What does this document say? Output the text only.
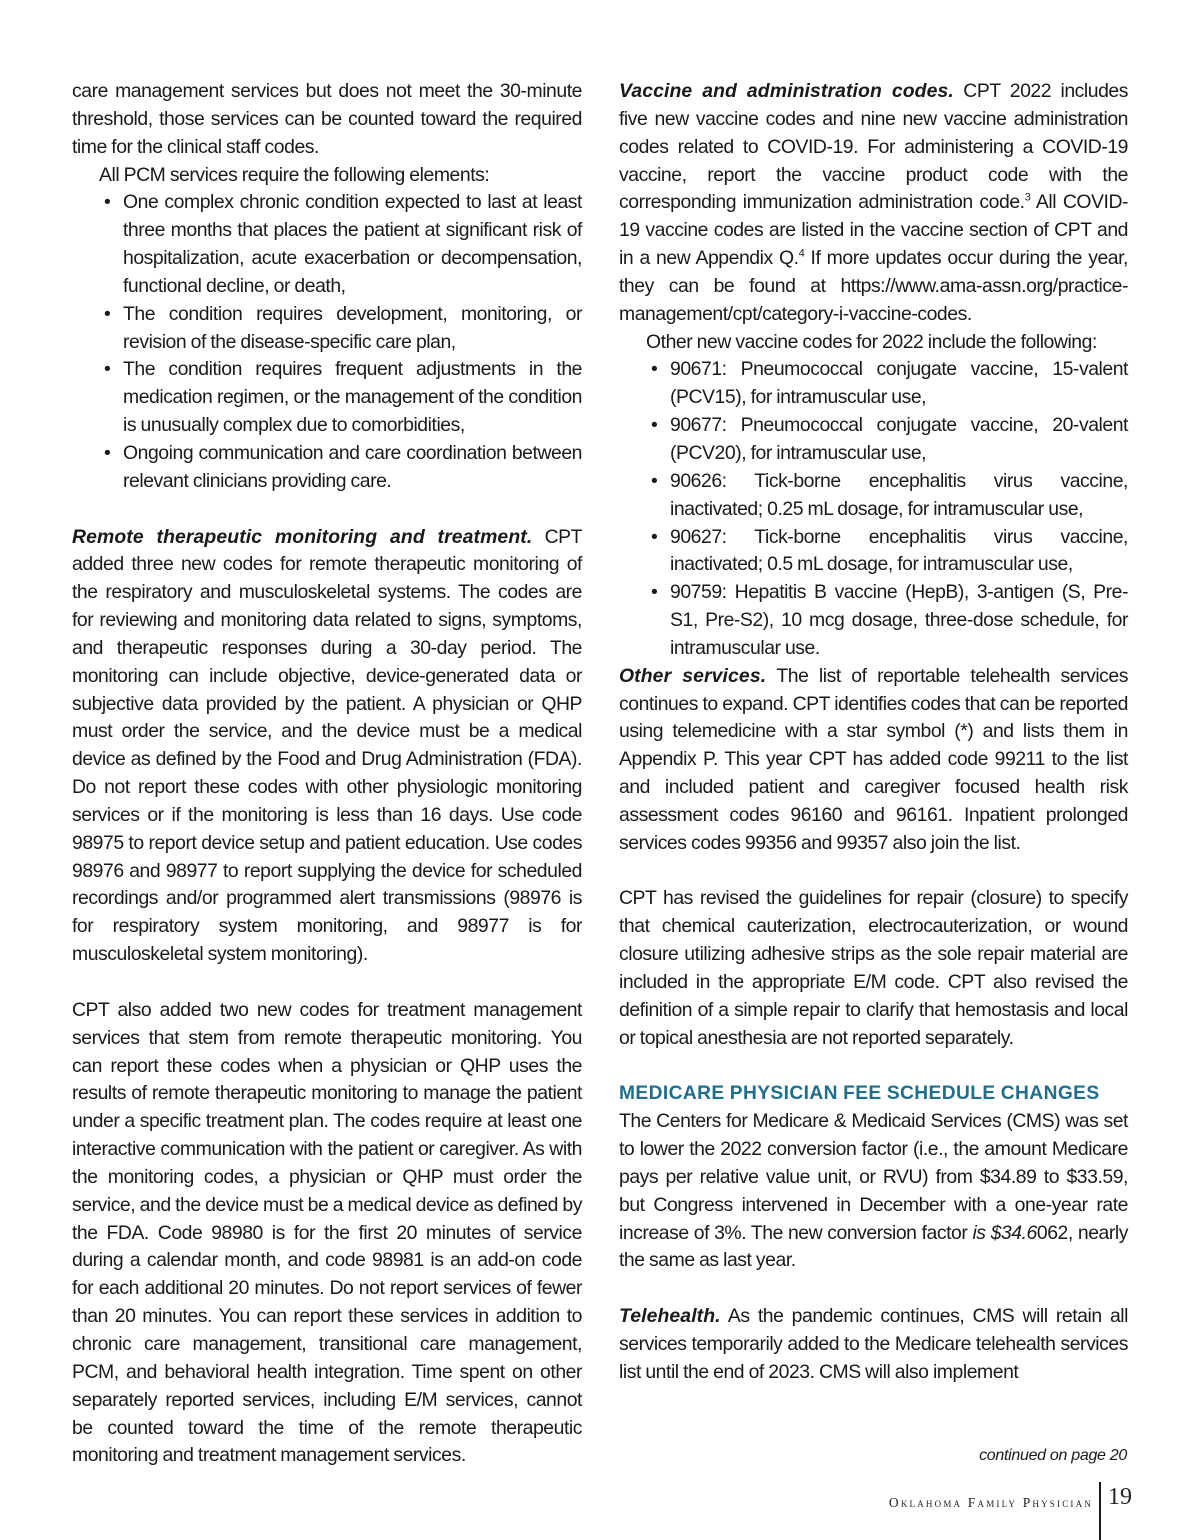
care management services but does not meet the 30-minute threshold, those services can be counted toward the required time for the clinical staff codes.

All PCM services require the following elements:

• One complex chronic condition expected to last at least three months that places the patient at significant risk of hospitalization, acute exacerbation or decompensation, functional decline, or death,
• The condition requires development, monitoring, or revision of the disease-specific care plan,
• The condition requires frequent adjustments in the medication regimen, or the management of the condition is unusually complex due to comorbidities,
• Ongoing communication and care coordination between relevant clinicians providing care.

Remote therapeutic monitoring and treatment. CPT added three new codes for remote therapeutic monitoring of the respiratory and musculoskeletal systems. The codes are for reviewing and monitoring data related to signs, symptoms, and therapeutic responses during a 30-day period. The monitoring can include objective, device-generated data or subjective data provided by the patient. A physician or QHP must order the service, and the device must be a medical device as defined by the Food and Drug Administration (FDA). Do not report these codes with other physiologic monitoring services or if the monitoring is less than 16 days. Use code 98975 to report device setup and patient education. Use codes 98976 and 98977 to report supplying the device for scheduled recordings and/or programmed alert transmissions (98976 is for respiratory system monitoring, and 98977 is for musculoskeletal system monitoring).

CPT also added two new codes for treatment management services that stem from remote therapeutic monitoring. You can report these codes when a physician or QHP uses the results of remote therapeutic monitoring to manage the patient under a specific treatment plan. The codes require at least one interactive communication with the patient or caregiver. As with the monitoring codes, a physician or QHP must order the service, and the device must be a medical device as defined by the FDA. Code 98980 is for the first 20 minutes of service during a calendar month, and code 98981 is an add-on code for each additional 20 minutes. Do not report services of fewer than 20 minutes. You can report these services in addition to chronic care management, transitional care management, PCM, and behavioral health integration. Time spent on other separately reported services, including E/M services, cannot be counted toward the time of the remote therapeutic monitoring and treatment management services.

Vaccine and administration codes. CPT 2022 includes five new vaccine codes and nine new vaccine administration codes related to COVID-19. For administering a COVID-19 vaccine, report the vaccine product code with the corresponding immunization administration code.$^3$ All COVID-19 vaccine codes are listed in the vaccine section of CPT and in a new Appendix Q.$^4$ If more updates occur during the year, they can be found at https://www.ama-assn.org/practice-management/cpt/category-i-vaccine-codes.

Other new vaccine codes for 2022 include the following:

• 90671: Pneumococcal conjugate vaccine, 15-valent (PCV15), for intramuscular use,
• 90677: Pneumococcal conjugate vaccine, 20-valent (PCV20), for intramuscular use,
• 90626: Tick-borne encephalitis virus vaccine, inactivated; 0.25 mL dosage, for intramuscular use,
• 90627: Tick-borne encephalitis virus vaccine, inactivated; 0.5 mL dosage, for intramuscular use,
• 90759: Hepatitis B vaccine (HepB), 3-antigen (S, Pre-S1, Pre-S2), 10 mcg dosage, three-dose schedule, for intramuscular use.

Other services. The list of reportable telehealth services continues to expand. CPT identifies codes that can be reported using telemedicine with a star symbol (*) and lists them in Appendix P. This year CPT has added code 99211 to the list and included patient and caregiver focused health risk assessment codes 96160 and 96161. Inpatient prolonged services codes 99356 and 99357 also join the list.

CPT has revised the guidelines for repair (closure) to specify that chemical cauterization, electrocauterization, or wound closure utilizing adhesive strips as the sole repair material are included in the appropriate E/M code. CPT also revised the definition of a simple repair to clarify that hemostasis and local or topical anesthesia are not reported separately.

MEDICARE PHYSICIAN FEE SCHEDULE CHANGES

The Centers for Medicare & Medicaid Services (CMS) was set to lower the 2022 conversion factor (i.e., the amount Medicare pays per relative value unit, or RVU) from $34.89 to $33.59, but Congress intervened in December with a one-year rate increase of 3%. The new conversion factor is $34.6062, nearly the same as last year.

Telehealth. As the pandemic continues, CMS will retain all services temporarily added to the Medicare telehealth services list until the end of 2023. CMS will also implement

continued on page 20
Oklahoma Family Physician 19
